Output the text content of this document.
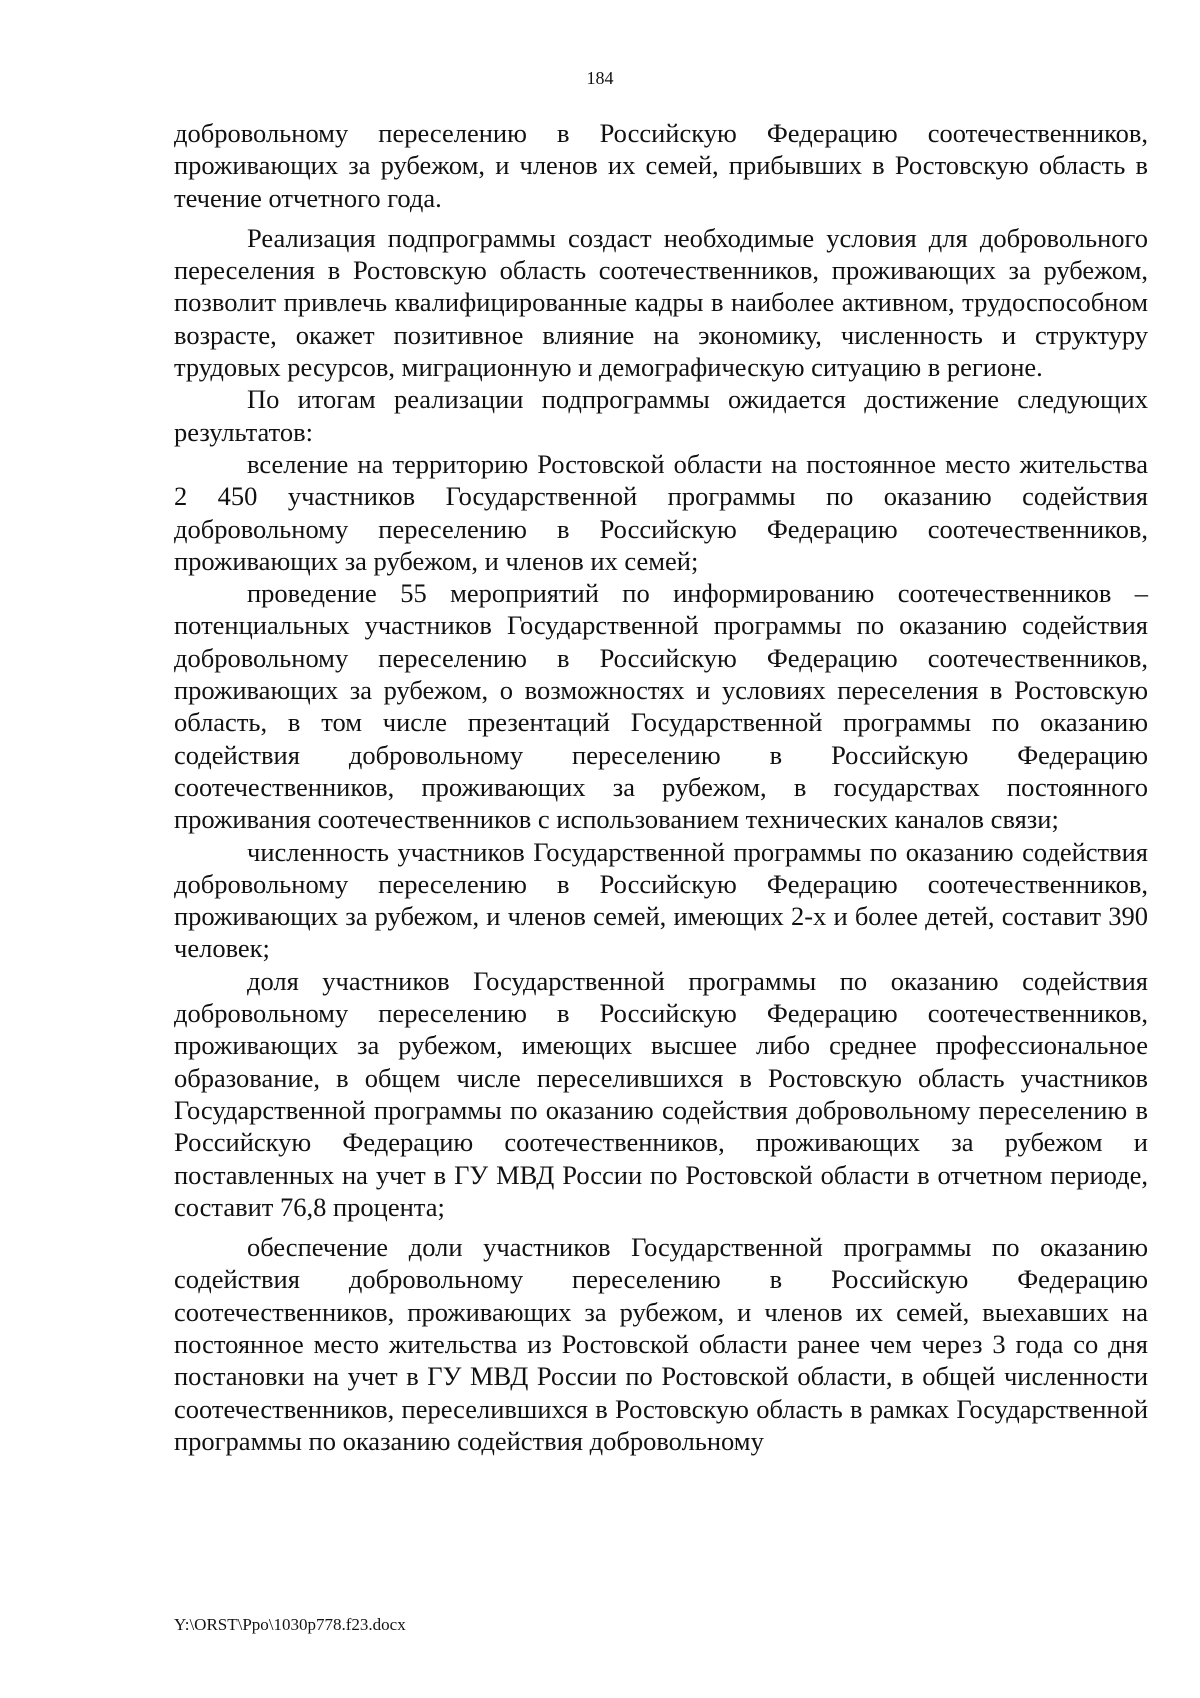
184

добровольному переселению в Российскую Федерацию соотечественников, проживающих за рубежом, и членов их семей, прибывших в Ростовскую область в течение отчетного года.

Реализация подпрограммы создаст необходимые условия для добровольного переселения в Ростовскую область соотечественников, проживающих за рубежом, позволит привлечь квалифицированные кадры в наиболее активном, трудоспособном возрасте, окажет позитивное влияние на экономику, численность и структуру трудовых ресурсов, миграционную и демографическую ситуацию в регионе.

По итогам реализации подпрограммы ожидается достижение следующих результатов:

вселение на территорию Ростовской области на постоянное место жительства 2 450 участников Государственной программы по оказанию содействия добровольному переселению в Российскую Федерацию соотечественников, проживающих за рубежом, и членов их семей;

проведение 55 мероприятий по информированию соотечественников – потенциальных участников Государственной программы по оказанию содействия добровольному переселению в Российскую Федерацию соотечественников, проживающих за рубежом, о возможностях и условиях переселения в Ростовскую область, в том числе презентаций Государственной программы по оказанию содействия добровольному переселению в Российскую Федерацию соотечественников, проживающих за рубежом, в государствах постоянного проживания соотечественников с использованием технических каналов связи;

численность участников Государственной программы по оказанию содействия добровольному переселению в Российскую Федерацию соотечественников, проживающих за рубежом, и членов семей, имеющих 2-х и более детей, составит 390 человек;

доля участников Государственной программы по оказанию содействия добровольному переселению в Российскую Федерацию соотечественников, проживающих за рубежом, имеющих высшее либо среднее профессиональное образование, в общем числе переселившихся в Ростовскую область участников Государственной программы по оказанию содействия добровольному переселению в Российскую Федерацию соотечественников, проживающих за рубежом и поставленных на учет в ГУ МВД России по Ростовской области в отчетном периоде, составит 76,8 процента;

обеспечение доли участников Государственной программы по оказанию содействия добровольному переселению в Российскую Федерацию соотечественников, проживающих за рубежом, и членов их семей, выехавших на постоянное место жительства из Ростовской области ранее чем через 3 года со дня постановки на учет в ГУ МВД России по Ростовской области, в общей численности соотечественников, переселившихся в Ростовскую область в рамках Государственной программы по оказанию содействия добровольному

Y:\ORST\Ppo\1030p778.f23.docx
